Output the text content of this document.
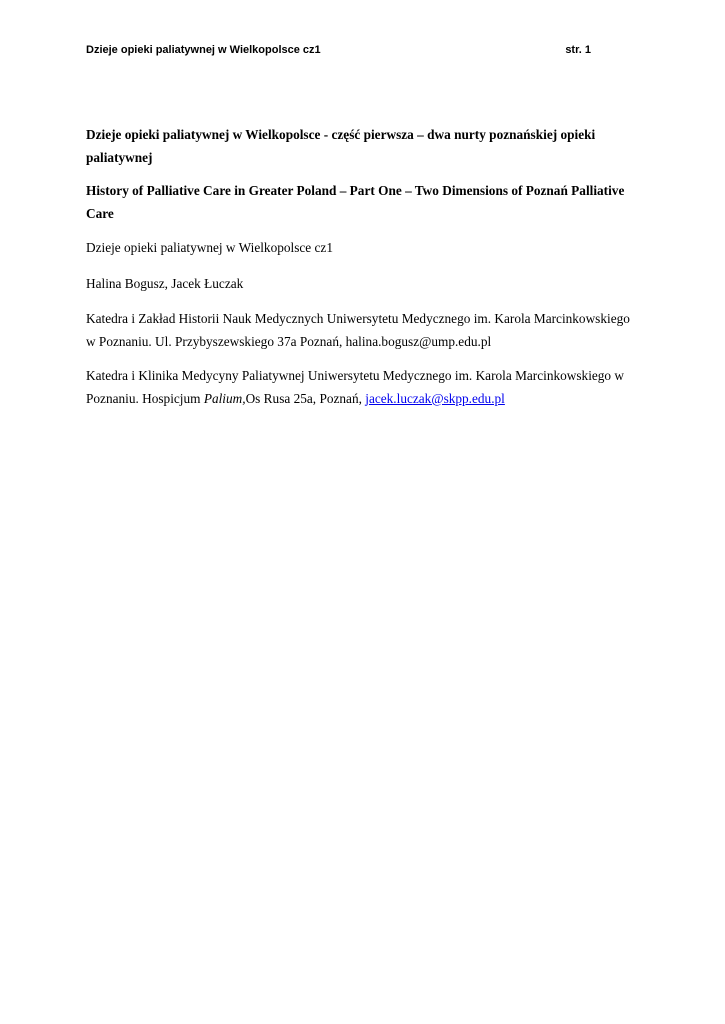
Dzieje opieki paliatywnej w Wielkopolsce cz1	str. 1

Dzieje opieki paliatywnej w Wielkopolsce - część pierwsza – dwa nurty poznańskiej opieki paliatywnej

History of Palliative Care in Greater Poland – Part One – Two Dimensions of Poznań Palliative Care

Dzieje opieki paliatywnej w Wielkopolsce cz1

Halina Bogusz, Jacek Łuczak

Katedra i Zakład Historii Nauk Medycznych Uniwersytetu Medycznego im. Karola Marcinkowskiego w Poznaniu. Ul. Przybyszewskiego 37a Poznań, halina.bogusz@ump.edu.pl

Katedra i Klinika Medycyny Paliatywnej Uniwersytetu Medycznego im. Karola Marcinkowskiego w Poznaniu. Hospicjum Palium,Os Rusa 25a, Poznań, jacek.luczak@skpp.edu.pl
